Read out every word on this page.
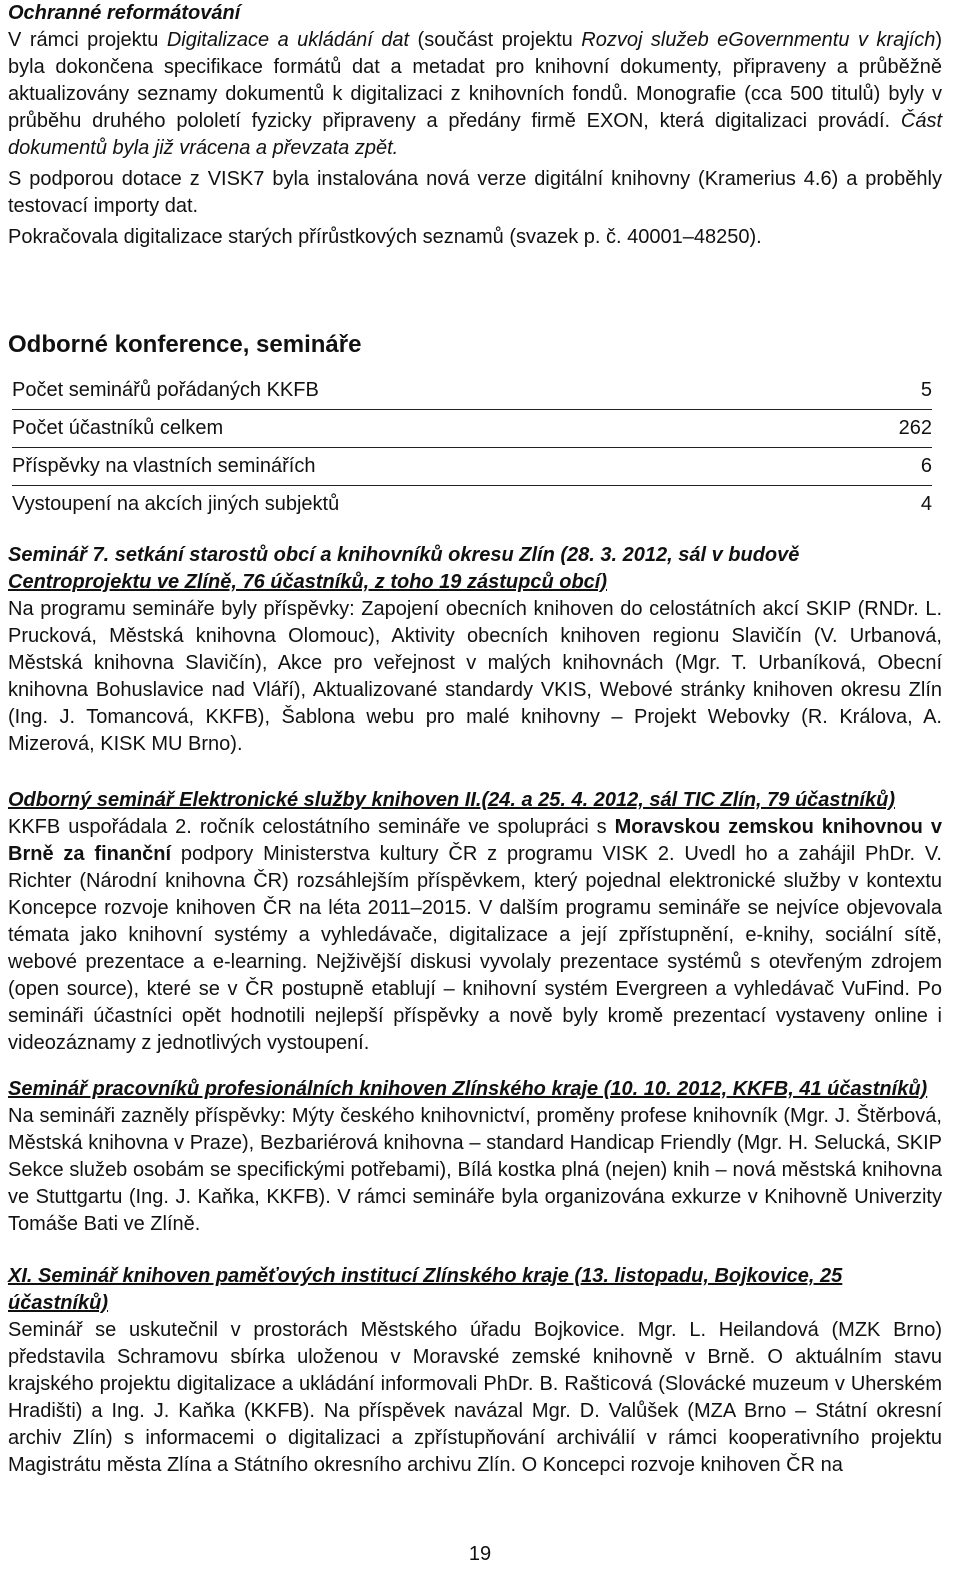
Ochranné reformátování

V rámci projektu Digitalizace a ukládání dat (součást projektu Rozvoj služeb eGovernmentu v krajích) byla dokončena specifikace formátů dat a metadat pro knihovní dokumenty, připraveny a průběžně aktualizovány seznamy dokumentů k digitalizaci z knihovních fondů. Monografie (cca 500 titulů) byly v průběhu druhého pololetí fyzicky připraveny a předány firmě EXON, která digitalizaci provádí. Část dokumentů byla již vrácena a převzata zpět.

S podporou dotace z VISK7 byla instalována nová verze digitální knihovny (Kramerius 4.6) a proběhly testovací importy dat.

Pokračovala digitalizace starých přírůstkových seznamů (svazek p. č. 40001–48250).

Odborné konference, semináře
Počet seminářů pořádaných KKFB	5
Počet účastníků celkem	262
Příspěvky na vlastních seminářích	6
Vystoupení na akcích jiných subjektů	4
Seminář 7. setkání starostů obcí a knihovníků okresu Zlín (28. 3. 2012, sál v budově Centroprojektu ve Zlíně, 76 účastníků, z toho 19 zástupců obcí)

Na programu semináře byly příspěvky: Zapojení obecních knihoven do celostátních akcí SKIP (RNDr. L. Prucková, Městská knihovna Olomouc), Aktivity obecních knihoven regionu Slavičín (V. Urbanová, Městská knihovna Slavičín), Akce pro veřejnost v malých knihovnách (Mgr. T. Urbaníková, Obecní knihovna Bohuslavice nad Vláří), Aktualizované standardy VKIS, Webové stránky knihoven okresu Zlín (Ing. J. Tomancová, KKFB), Šablona webu pro malé knihovny – Projekt Webovky (R. Králova, A. Mizerová, KISK MU Brno).

Odborný seminář Elektronické služby knihoven II.(24. a 25. 4. 2012, sál TIC Zlín, 79 účastníků)

KKFB uspořádala 2. ročník celostátního semináře ve spolupráci s Moravskou zemskou knihovnou v Brně za finanční podpory Ministerstva kultury ČR z programu VISK 2. Uvedl ho a zahájil PhDr. V. Richter (Národní knihovna ČR) rozsáhlejším příspěvkem, který pojednal elektronické služby v kontextu Koncepce rozvoje knihoven ČR na léta 2011–2015. V dalším programu semináře se nejvíce objevovala témata jako knihovní systémy a vyhledávače, digitalizace a její zpřístupnění, e-knihy, sociální sítě, webové prezentace a e-learning. Nejživější diskusi vyvolaly prezentace systémů s otevřeným zdrojem (open source), které se v ČR postupně etablují – knihovní systém Evergreen a vyhledávač VuFind. Po semináři účastníci opět hodnotili nejlepší příspěvky a nově byly kromě prezentací vystaveny online i videozáznamy z jednotlivých vystoupení.

Seminář pracovníků profesionálních knihoven Zlínského kraje (10. 10. 2012, KKFB, 41 účastníků)

Na semináři zazněly příspěvky: Mýty českého knihovnictví, proměny profese knihovník (Mgr. J. Štěrbová, Městská knihovna v Praze), Bezbariérová knihovna – standard Handicap Friendly (Mgr. H. Selucká, SKIP Sekce služeb osobám se specifickými potřebami), Bílá kostka plná (nejen) knih – nová městská knihovna ve Stuttgartu (Ing. J. Kaňka, KKFB). V rámci semináře byla organizována exkurze v Knihovně Univerzity Tomáše Bati ve Zlíně.

XI. Seminář knihoven paměťových institucí Zlínského kraje (13. listopadu, Bojkovice, 25 účastníků)

Seminář se uskutečnil v prostorách Městského úřadu Bojkovice. Mgr. L. Heilandová (MZK Brno) představila Schramovu sbírka uloženou v Moravské zemské knihovně v Brně. O aktuálním stavu krajského projektu digitalizace a ukládání informovali PhDr. B. Rašticová (Slovácké muzeum v Uherském Hradišti) a Ing. J. Kaňka (KKFB). Na příspěvek navázal Mgr. D. Valůšek (MZA Brno – Státní okresní archiv Zlín) s informacemi o digitalizaci a zpřístupňování archiválií v rámci kooperativního projektu Magistrátu města Zlína a Státního okresního archivu Zlín. O Koncepci rozvoje knihoven ČR na

19
